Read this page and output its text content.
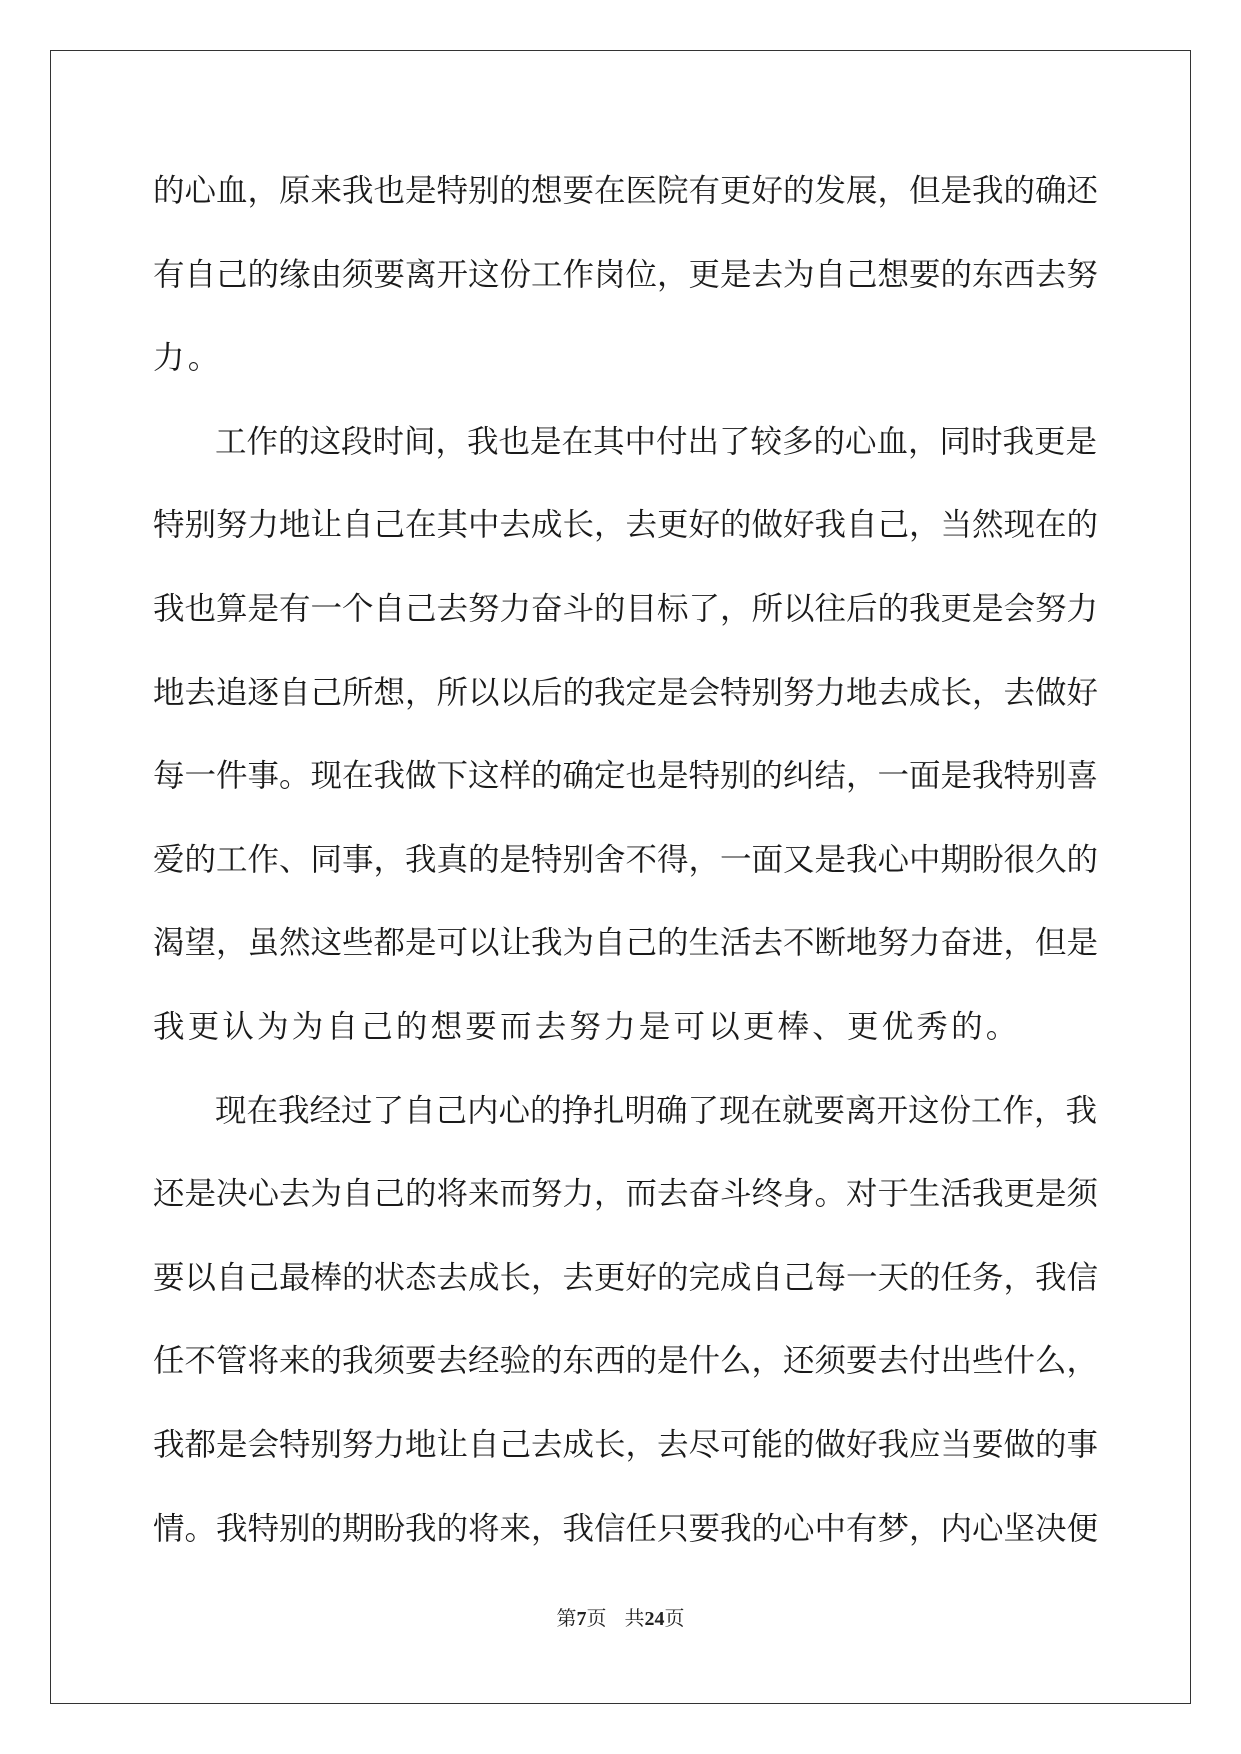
的心血，原来我也是特别的想要在医院有更好的发展，但是我的确还
有自己的缘由须要离开这份工作岗位，更是去为自己想要的东西去努
力。
工作的这段时间，我也是在其中付出了较多的心血，同时我更是
特别努力地让自己在其中去成长，去更好的做好我自己，当然现在的
我也算是有一个自己去努力奋斗的目标了，所以往后的我更是会努力
地去追逐自己所想，所以以后的我定是会特别努力地去成长，去做好
每一件事。现在我做下这样的确定也是特别的纠结，一面是我特别喜
爱的工作、同事，我真的是特别舍不得，一面又是我心中期盼很久的
渴望，虽然这些都是可以让我为自己的生活去不断地努力奋进，但是
我更认为为自己的想要而去努力是可以更棒、更优秀的。
现在我经过了自己内心的挣扎明确了现在就要离开这份工作，我
还是决心去为自己的将来而努力，而去奋斗终身。对于生活我更是须
要以自己最棒的状态去成长，去更好的完成自己每一天的任务，我信
任不管将来的我须要去经验的东西的是什么，还须要去付出些什么，
我都是会特别努力地让自己去成长，去尽可能的做好我应当要做的事
情。我特别的期盼我的将来，我信任只要我的心中有梦，内心坚决便
第7页 共24页
